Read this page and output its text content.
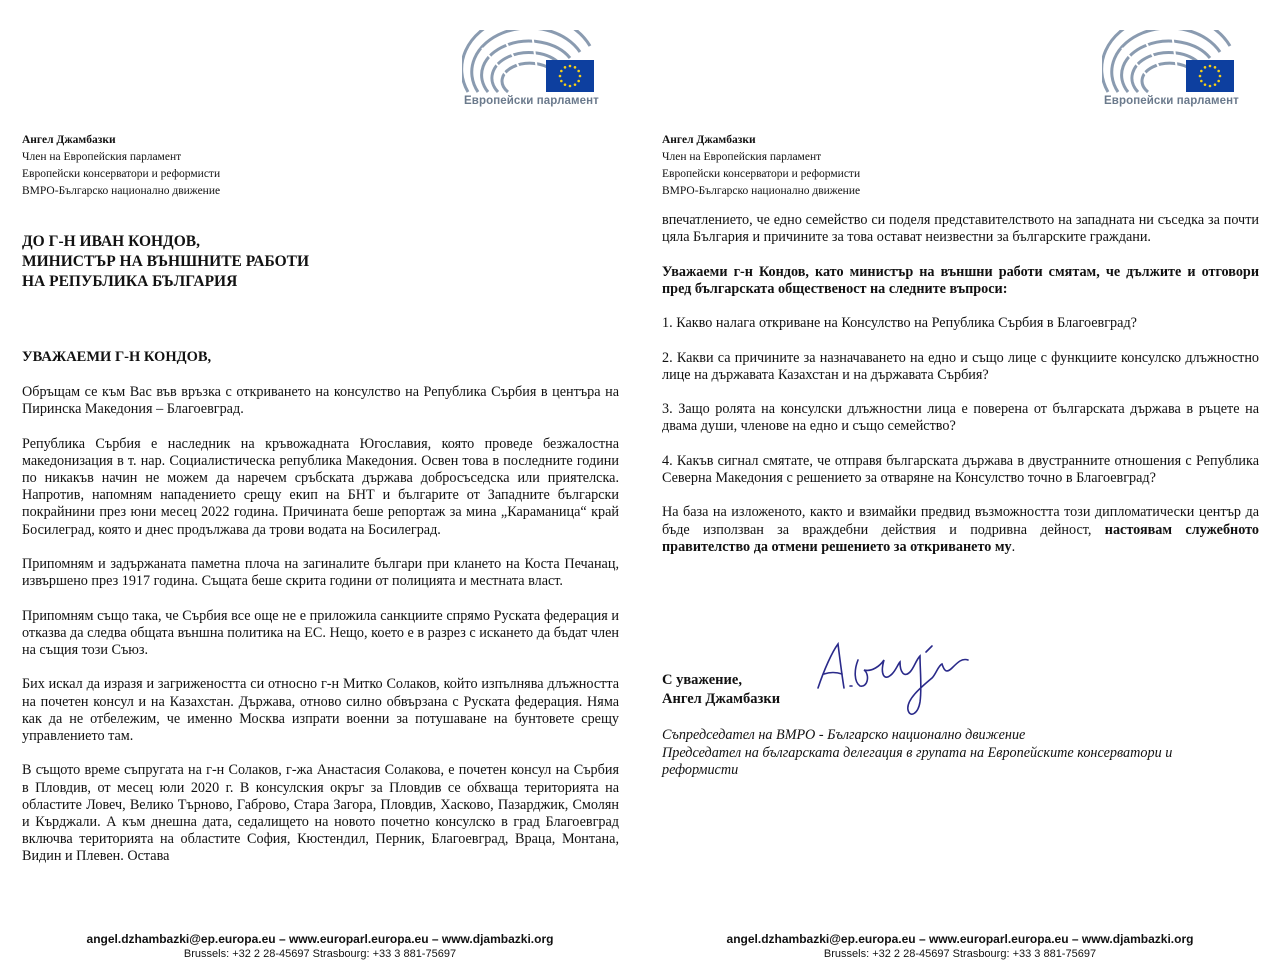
Европейски парламент
Ангел Джамбазки
Член на Европейския парламент
Европейски консерватори и реформисти
ВМРО-Българско национално движение
ДО Г-Н ИВАН КОНДОВ,
МИНИСТЪР НА ВЪНШНИТЕ РАБОТИ
НА РЕПУБЛИКА БЪЛГАРИЯ
УВАЖАЕМИ Г-Н КОНДОВ,

Обръщам се към Вас във връзка с откриването на консулство на Република Сърбия в центъра на Пиринска Македония – Благоевград.

Република Сърбия е наследник на кръвожадната Югославия, която проведе безжалостна македонизация в т. нар. Социалистическа република Македония. Освен това в последните години по никакъв начин не можем да наречем сръбската държава добросъседска или приятелска. Напротив, напомням нападението срещу екип на БНТ и българите от Западните български покрайнини през юни месец 2022 година. Причината беше репортаж за мина „Караманица“ край Босилеград, която и днес продължава да трови водата на Босилеград.

Припомням и задържаната паметна плоча на загиналите българи при клането на Коста Печанац, извършено през 1917 година. Същата беше скрита години от полицията и местната власт.

Припомням също така, че Сърбия все още не е приложила санкциите спрямо Руската федерация и отказва да следва общата външна политика на ЕС. Нещо, което е в разрез с искането да бъдат член на същия този Съюз.

Бих искал да изразя и загрижеността си относно г-н Митко Солаков, който изпълнява длъжността на почетен консул и на Казахстан. Държава, отново силно обвързана с Руската федерация. Няма как да не отбележим, че именно Москва изпрати военни за потушаване на бунтовете срещу управлението там.

В същото време съпругата на г-н Солаков, г-жа Анастасия Солакова, е почетен консул на Сърбия в Пловдив, от месец юли 2020 г. В консулския окръг за Пловдив се обхваща територията на областите Ловеч, Велико Търново, Габрово, Стара Загора, Пловдив, Хасково, Пазарджик, Смолян и Кърджали. А към днешна дата, седалището на новото почетно консулско в град Благоевград включва територията на областите София, Кюстендил, Перник, Благоевград, Враца, Монтана, Видин и Плевен. Остава

angel.dzhambazki@ep.europa.eu – www.europarl.europa.eu – www.djambazki.org
Brussels: +32 2 28-45697 Strasbourg: +33 3 881-75697
Европейски парламент
Ангел Джамбазки
Член на Европейския парламент
Европейски консерватори и реформисти
ВМРО-Българско национално движение

впечатлението, че едно семейство си поделя представителството на западната ни съседка за почти цяла България и причините за това остават неизвестни за българските граждани.

Уважаеми г-н Кондов, като министър на външни работи смятам, че дължите и отговори пред българската общественост на следните въпроси:

1. Какво налага откриване на Консулство на Република Сърбия в Благоевград?

2. Какви са причините за назначаването на едно и също лице с функциите консулско длъжностно лице на държавата Казахстан и на държавата Сърбия?

3. Защо ролята на консулски длъжностни лица е поверена от българската държава в ръцете на двама души, членове на едно и също семейство?

4. Какъв сигнал смятате, че отправя българската държава в двустранните отношения с Република Северна Македония с решението за отваряне на Консулство точно в Благоевград?

На база на изложеното, както и взимайки предвид възможността този дипломатически център да бъде използван за враждебни действия и подривна дейност, настоявам служебното правителство да отмени решението за откриването му.

С уважение,
Ангел Джамбазки
Съпредседател на ВМРО - Българско национално движение
Председател на българската делегация в групата на Европейските консерватори и реформисти
angel.dzhambazki@ep.europa.eu – www.europarl.europa.eu – www.djambazki.org
Brussels: +32 2 28-45697 Strasbourg: +33 3 881-75697
